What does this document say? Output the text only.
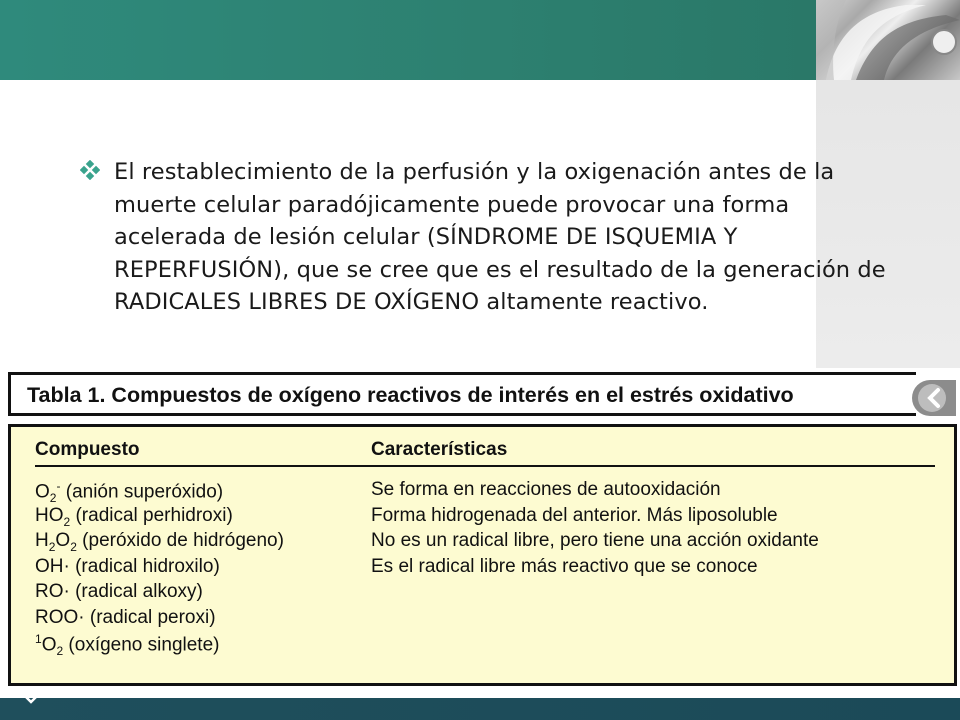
El restablecimiento de la perfusión y la oxigenación antes de la muerte celular paradójicamente puede provocar una forma acelerada de lesión celular (SÍNDROME DE ISQUEMIA Y REPERFUSIÓN), que se cree que es el resultado de la generación de RADICALES LIBRES DE OXÍGENO altamente reactivo.

Tabla 1. Compuestos de oxígeno reactivos de interés en el estrés oxidativo
Compuesto	Características
$O_2^-$ (anión superóxido)	Se forma en reacciones de autooxidación
$HO_2$ (radical perhidroxi)	Forma hidrogenada del anterior. Más liposoluble
$H_2O_2$ (peróxido de hidrógeno)	No es un radical libre, pero tiene una acción oxidante
OH· (radical hidroxilo)	Es el radical libre más reactivo que se conoce
RO· (radical alkoxy)
ROO· (radical peroxi)
$^1O_2$ (oxígeno singlete)
